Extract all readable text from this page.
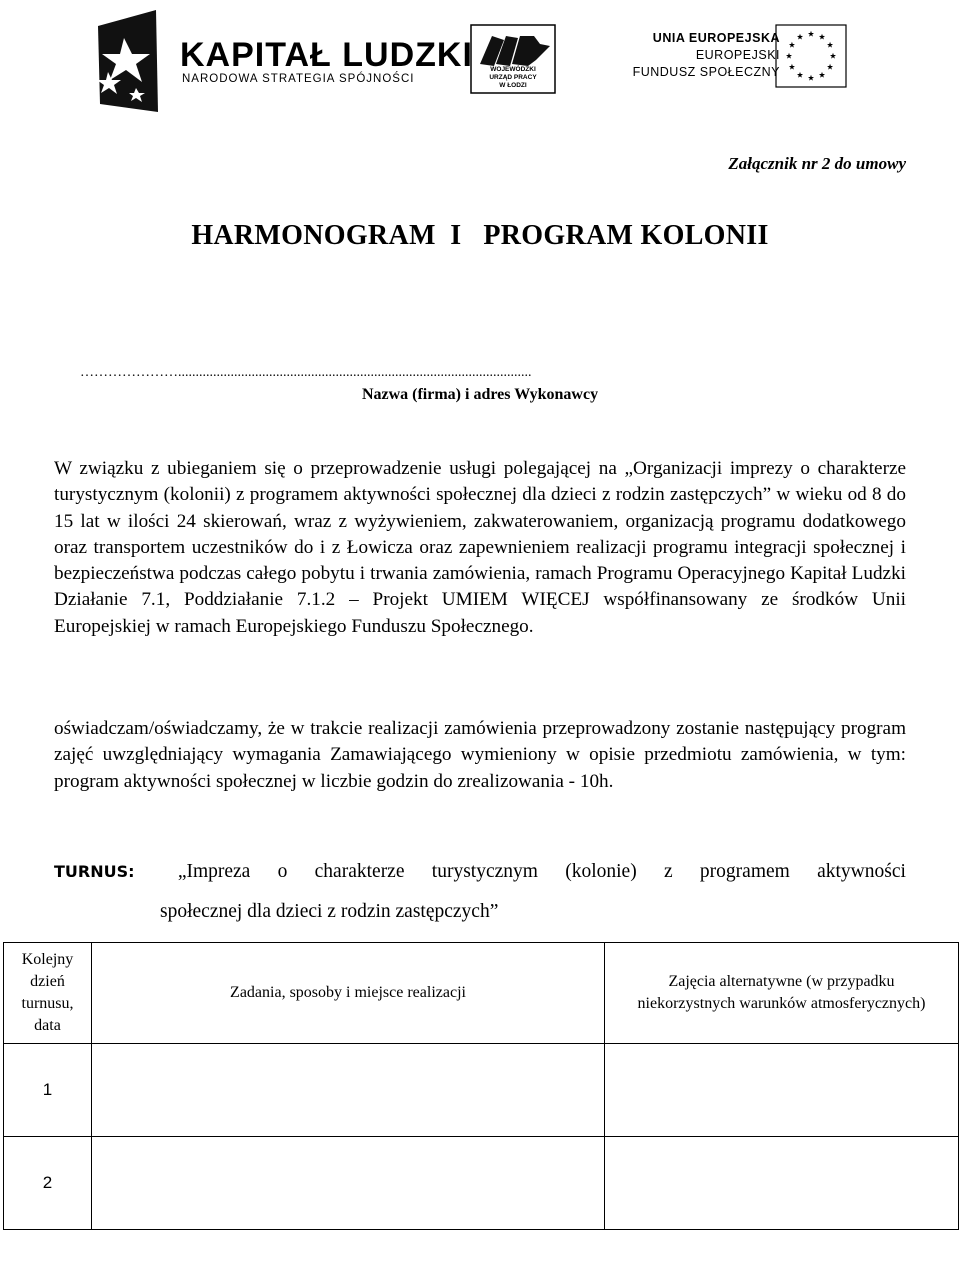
KAPITAŁ LUDZKI
NARODOWA STRATEGIA SPÓJNOŚCI
WOJEWÓDZKI
URZĄD PRACY
W ŁODZI
UNIA EUROPEJSKA
EUROPEJSKI
FUNDUSZ SPOŁECZNY
Załącznik nr 2 do umowy
HARMONOGRAM  I   PROGRAM KOLONII
………………….....................................................................................................
Nazwa (firma) i adres Wykonawcy
W związku z ubieganiem się o przeprowadzenie usługi polegającej na „Organizacji imprezy o charakterze turystycznym (kolonii) z programem aktywności społecznej dla dzieci z rodzin zastępczych” w wieku od 8 do 15 lat w ilości 24 skierowań, wraz z wyżywieniem, zakwaterowaniem, organizacją programu dodatkowego oraz transportem uczestników do i z Łowicza oraz zapewnieniem realizacji programu integracji społecznej i bezpieczeństwa podczas całego pobytu i trwania zamówienia, ramach Programu Operacyjnego Kapitał Ludzki Działanie 7.1, Poddziałanie 7.1.2 – Projekt UMIEM WIĘCEJ współfinansowany ze środków Unii Europejskiej w ramach Europejskiego Funduszu Społecznego.
oświadczam/oświadczamy, że w trakcie realizacji zamówienia przeprowadzony zostanie następujący program zajęć uwzględniający wymagania Zamawiającego wymieniony w opisie przedmiotu zamówienia, w tym: program aktywności społecznej w liczbie godzin do zrealizowania - 10h.
TURNUS: „Impreza o charakterze turystycznym (kolonie) z programem aktywności
społecznej dla dzieci z rodzin zastępczych”
Kolejny dzień turnusu, data	Zadania, sposoby i miejsce realizacji	Zajęcia alternatywne (w przypadku niekorzystnych warunków atmosferycznych)
1		
2		
